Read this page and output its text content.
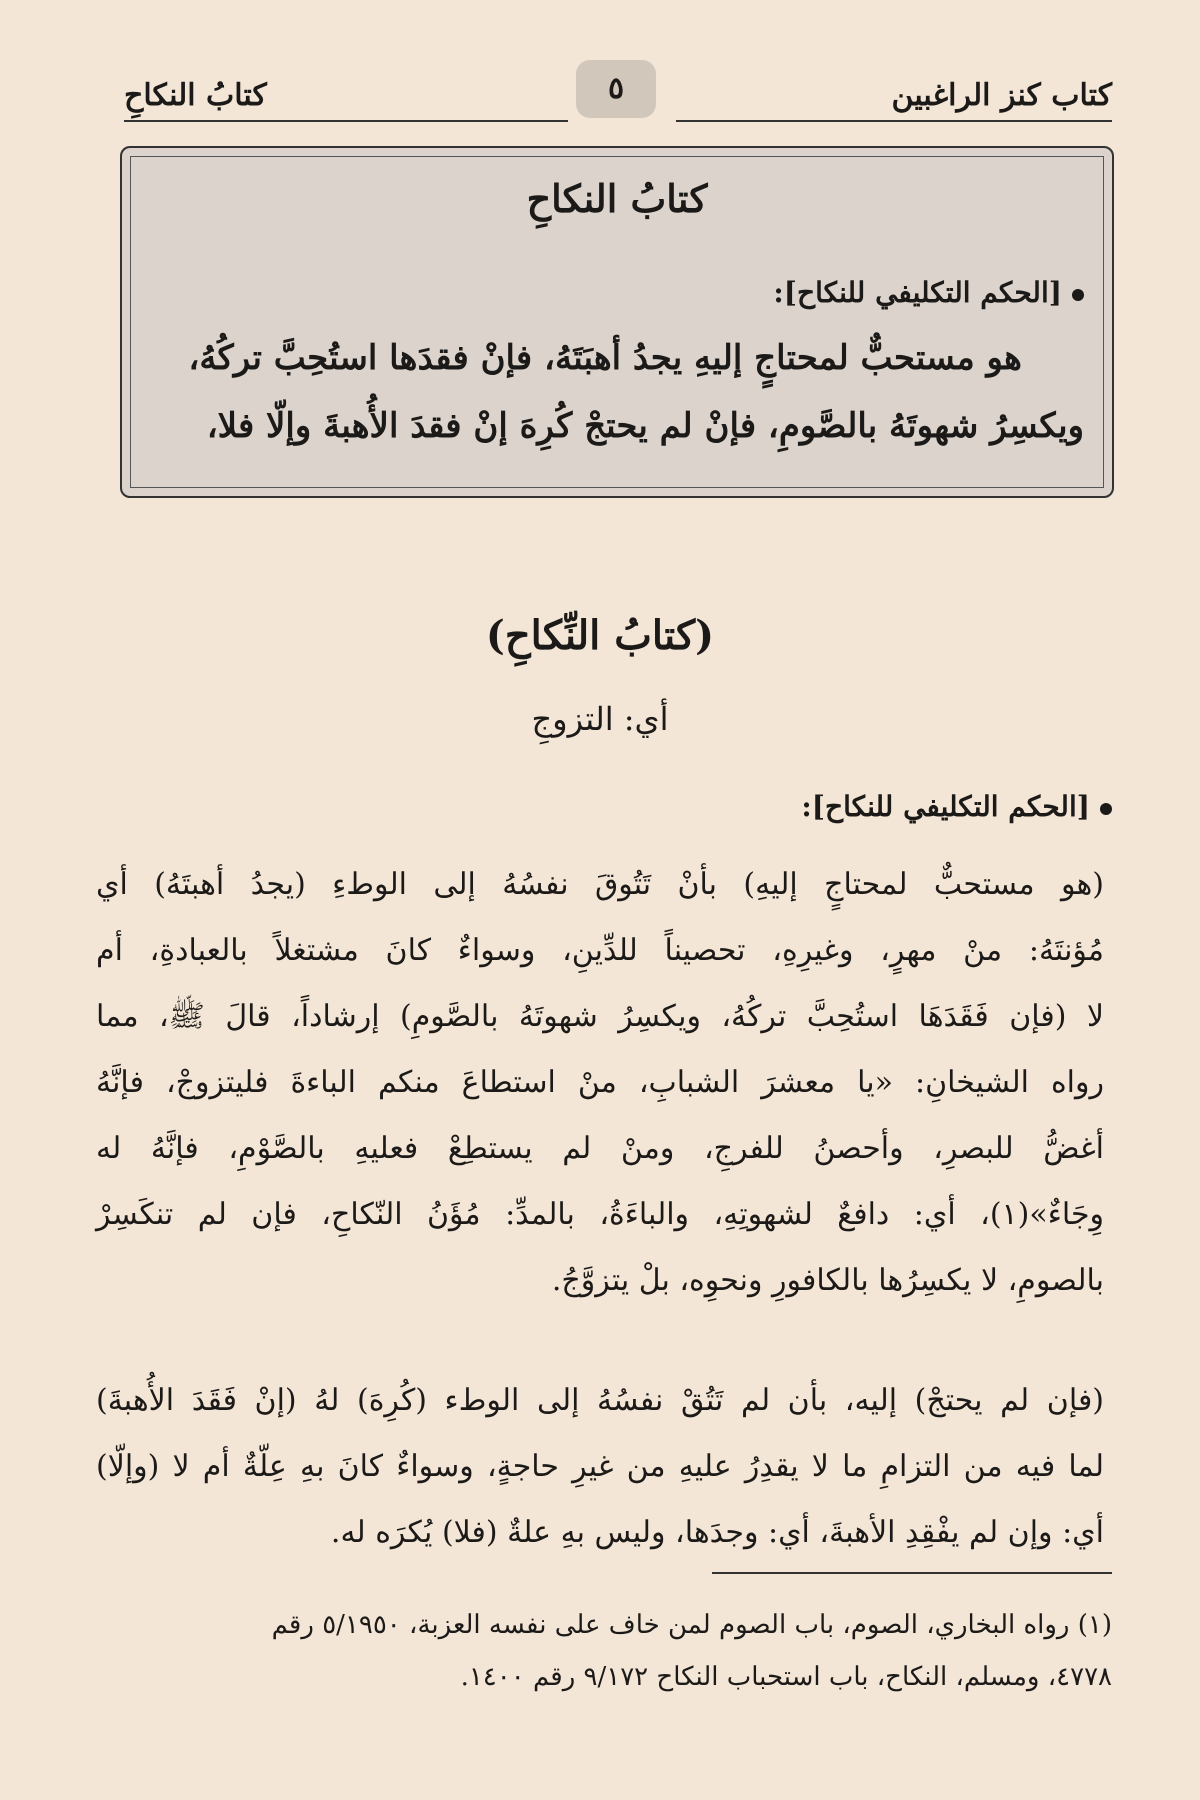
كتاب كنز الراغبين
٥
كتابُ النكاحِ
كتابُ النكاحِ
[الحكم التكليفي للنكاح]:
هو مستحبٌّ لمحتاجٍ إليهِ يجدُ أهبَتَهُ، فإنْ فقدَها استُحِبَّ تركُهُ،
ويكسِرُ شهوتَهُ بالصَّومِ، فإنْ لم يحتجْ كُرِهَ إنْ فقدَ الأُهبةَ وإلّا فلا،
(كتابُ النِّكاحِ)
أي: التزوجِ
[الحكم التكليفي للنكاح]:
(هو مستحبٌّ لمحتاجٍ إليهِ) بأنْ تَتُوقَ نفسُهُ إلى الوطءِ (يجدُ أهبتَهُ) أي
مُؤنتَهُ: منْ مهرٍ، وغيرِهِ، تحصيناً للدِّينِ، وسواءٌ كانَ مشتغلاً بالعبادةِ، أم
لا (فإن فَقَدَهَا استُحِبَّ تركُهُ، ويكسِرُ شهوتَهُ بالصَّومِ) إرشاداً، قالَ ﷺ، مما
رواه الشيخانِ: «يا معشرَ الشبابِ، منْ استطاعَ منكم الباءةَ فليتزوجْ، فإنَّهُ
أغضُّ للبصرِ، وأحصنُ للفرجِ، ومنْ لم يستطِعْ فعليهِ بالصَّوْمِ، فإنَّهُ له
وِجَاءٌ»(١)، أي: دافعٌ لشهوتِهِ، والباءَةُ، بالمدِّ: مُؤَنُ النّكاحِ، فإن لم تنكَسِرْ
بالصومِ، لا يكسِرُها بالكافورِ ونحوِه، بلْ يتزوَّجُ.
(فإن لم يحتجْ) إليه، بأن لم تَتُقْ نفسُهُ إلى الوطء (كُرِهَ) لهُ (إنْ فَقَدَ الأُهبةَ)
لما فيه من التزامِ ما لا يقدِرُ عليهِ من غيرِ حاجةٍ، وسواءٌ كانَ بهِ عِلّةٌ أم لا (وإلّا)
أي: وإن لم يفْقِدِ الأهبةَ، أي: وجدَها، وليس بهِ علةٌ (فلا) يُكرَه له.
(١) رواه البخاري، الصوم، باب الصوم لمن خاف على نفسه العزبة، ٥/١٩٥٠ رقم
٤٧٧٨، ومسلم، النكاح، باب استحباب النكاح ٩/١٧٢ رقم ١٤٠٠.
